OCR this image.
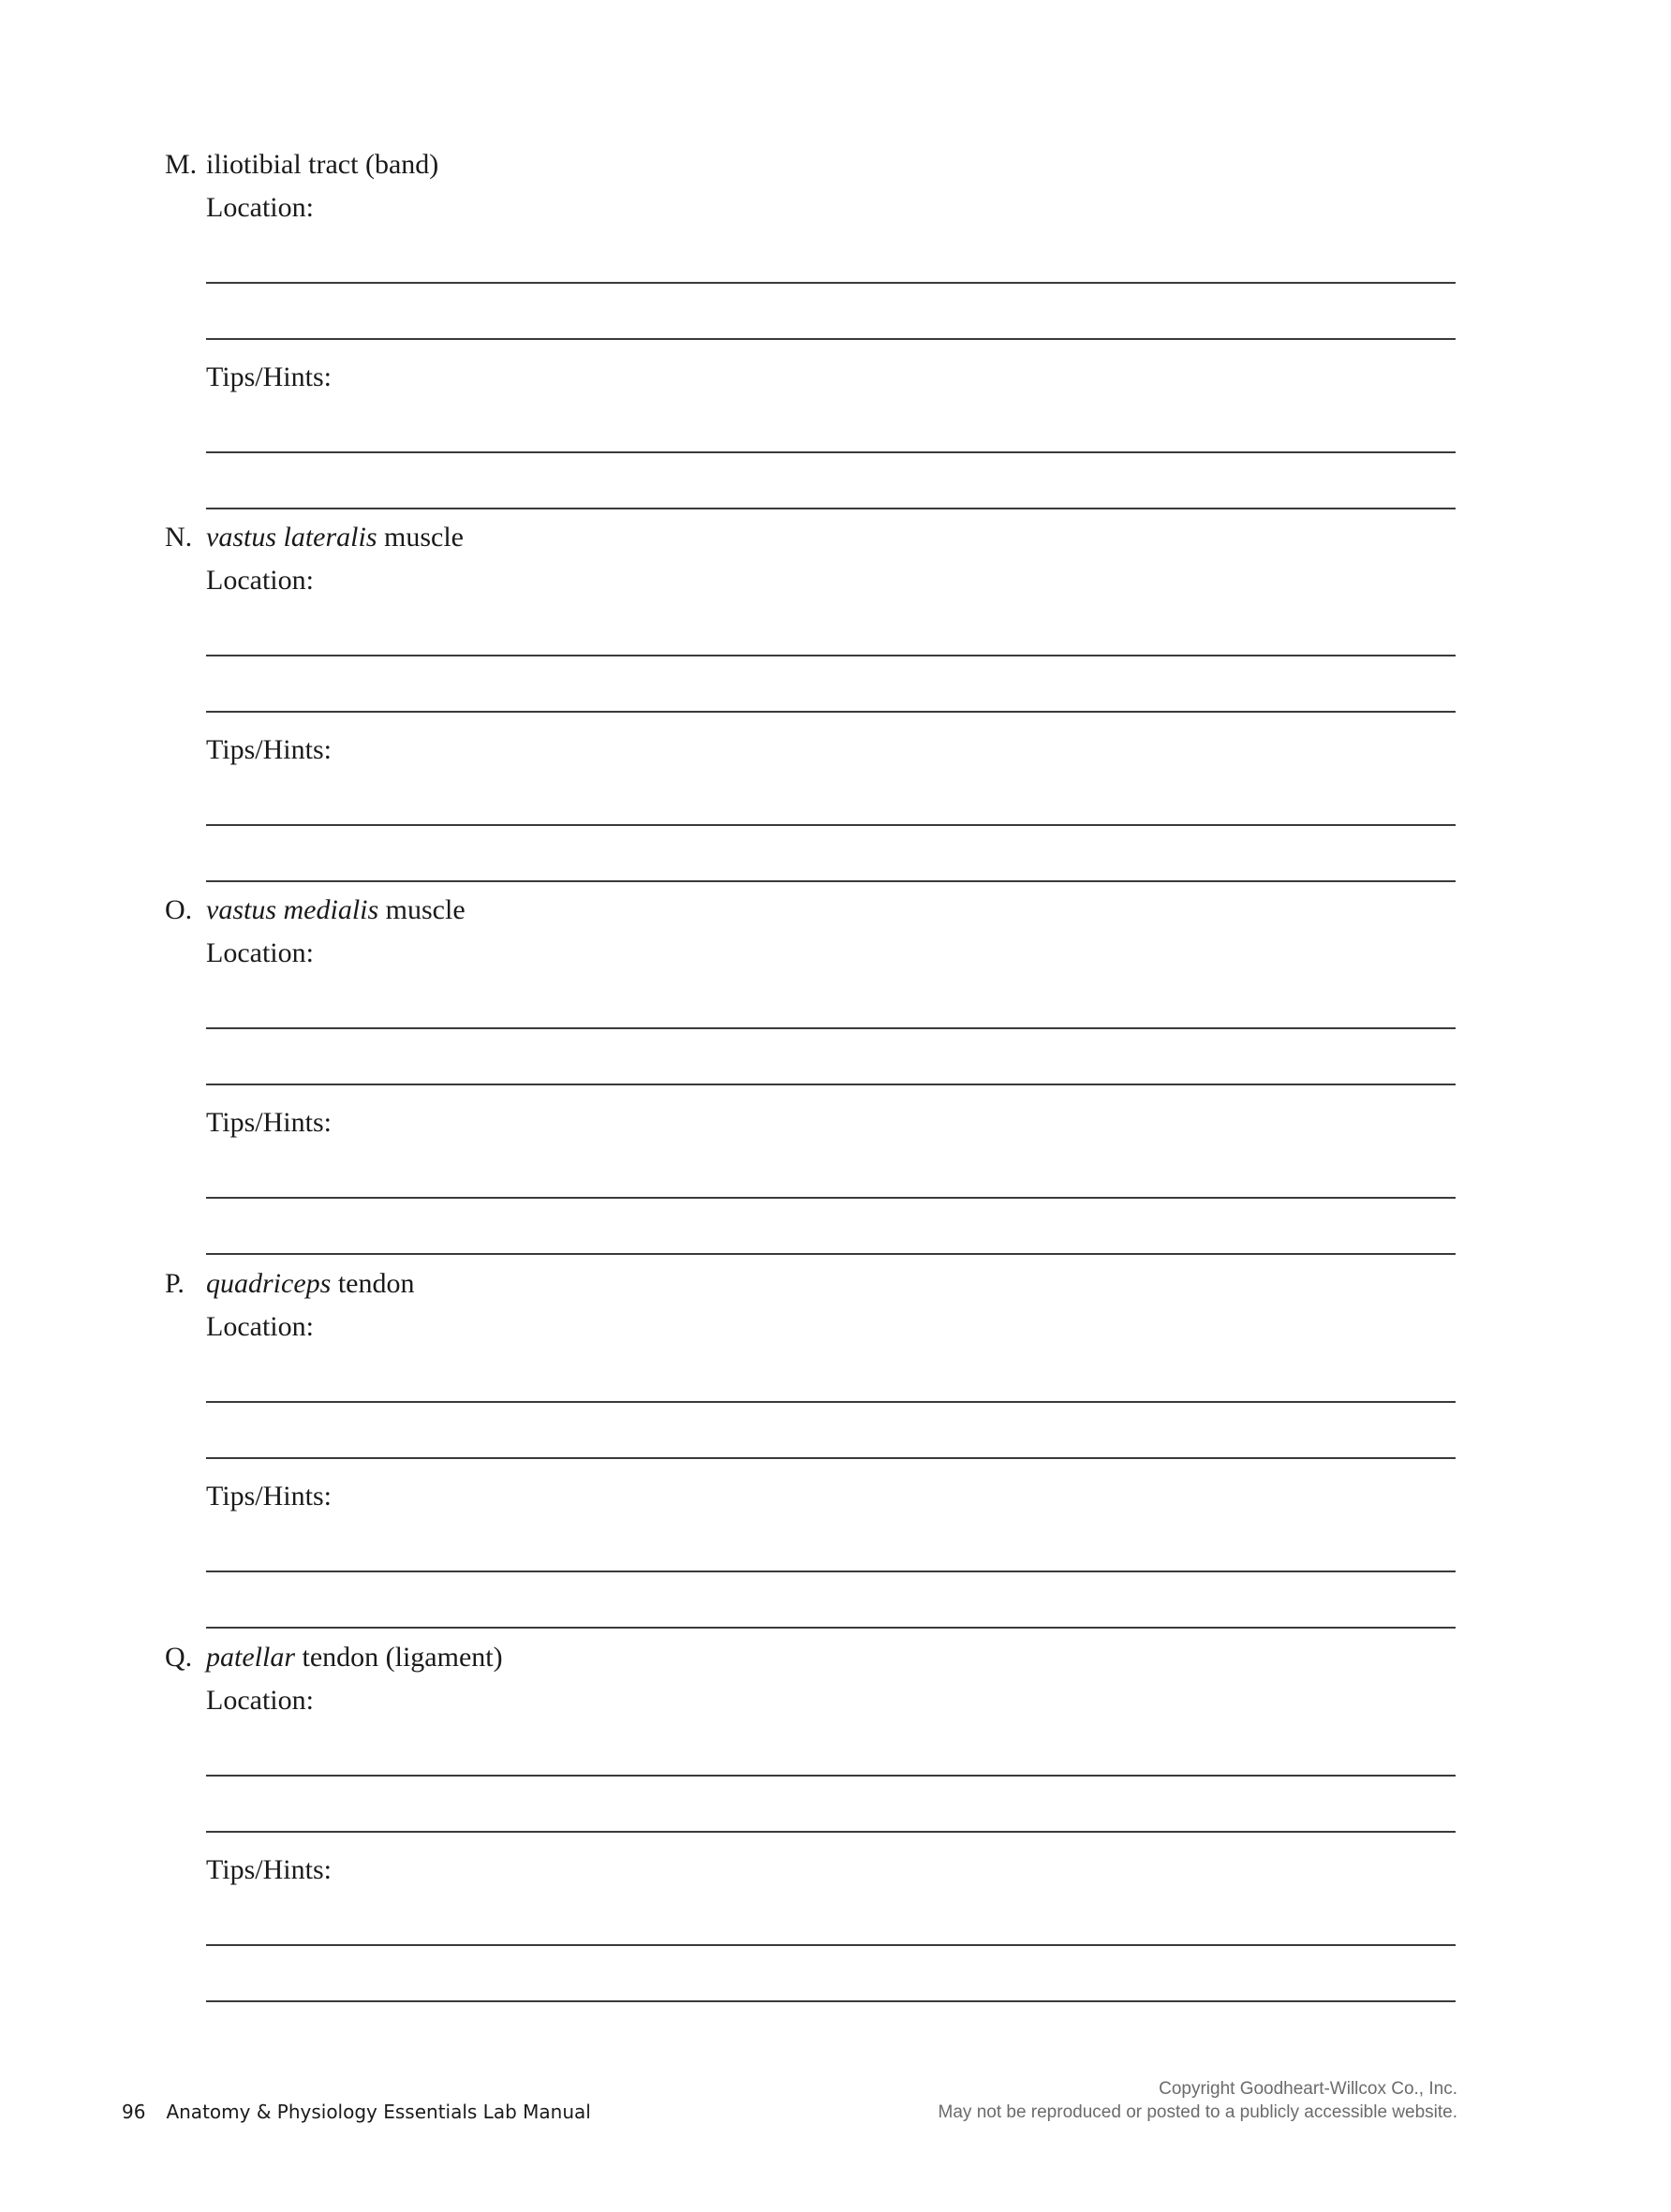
M. iliotibial tract (band)
Location:
Tips/Hints:
N. vastus lateralis muscle
Location:
Tips/Hints:
O. vastus medialis muscle
Location:
Tips/Hints:
P. quadriceps tendon
Location:
Tips/Hints:
Q. patellar tendon (ligament)
Location:
Tips/Hints:
96 Anatomy & Physiology Essentials Lab Manual
Copyright Goodheart-Willcox Co., Inc.
May not be reproduced or posted to a publicly accessible website.
